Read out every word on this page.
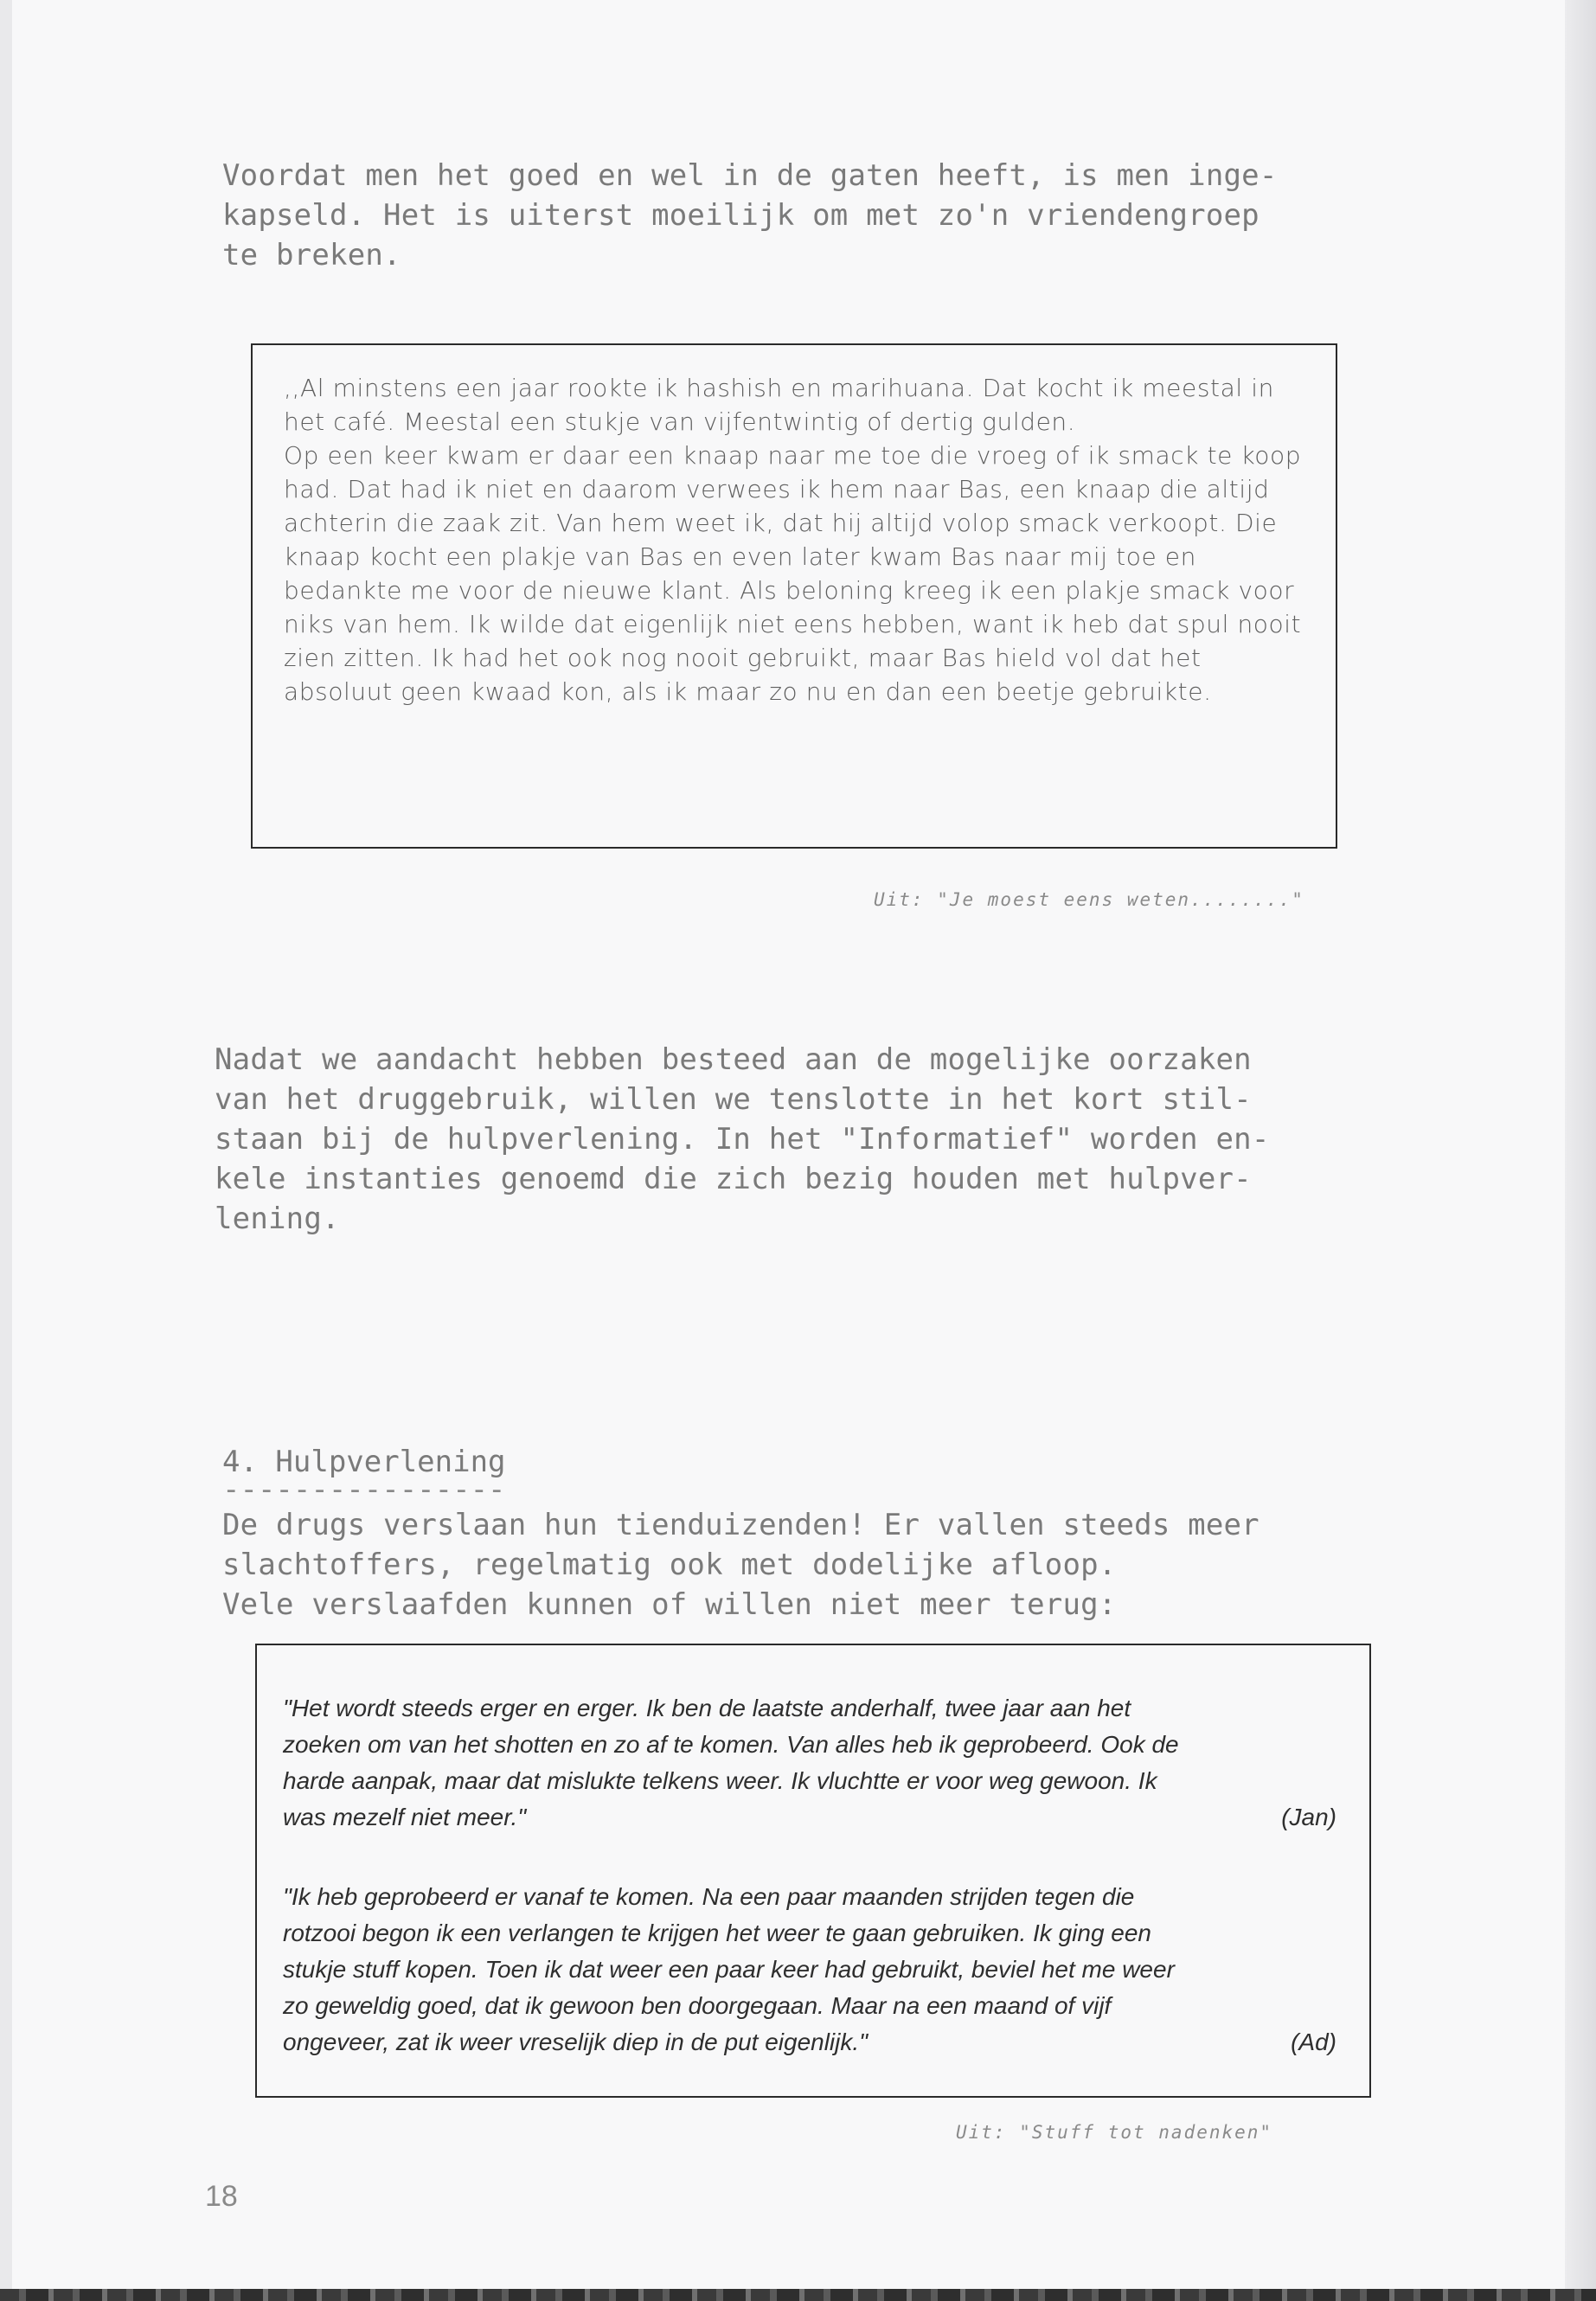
Voordat men het goed en wel in de gaten heeft, is men inge-

kapseld. Het is uiterst moeilijk om met zo'n vriendengroep

te breken.

,,Al minstens een jaar rookte ik hashish en marihuana. Dat kocht ik meestal in het café. Meestal een stukje van vijfentwintig of dertig gulden.

Op een keer kwam er daar een knaap naar me toe die vroeg of ik smack te koop had. Dat had ik niet en daarom verwees ik hem naar Bas, een knaap die altijd achterin die zaak zit. Van hem weet ik, dat hij altijd volop smack verkoopt. Die knaap kocht een plakje van Bas en even later kwam Bas naar mij toe en bedankte me voor de nieuwe klant. Als beloning kreeg ik een plakje smack voor niks van hem. Ik wilde dat eigenlijk niet eens hebben, want ik heb dat spul nooit zien zitten. Ik had het ook nog nooit gebruikt, maar Bas hield vol dat het absoluut geen kwaad kon, als ik maar zo nu en dan een beetje gebruikte.

Uit: "Je moest eens weten........"

Nadat we aandacht hebben besteed aan de mogelijke oorzaken

van het druggebruik, willen we tenslotte in het kort stil-

staan bij de hulpverlening. In het "Informatief" worden en-

kele instanties genoemd die zich bezig houden met hulpver-

lening.

4. Hulpverlening
----------------

De drugs verslaan hun tienduizenden! Er vallen steeds meer

slachtoffers, regelmatig ook met dodelijke afloop.

Vele verslaafden kunnen of willen niet meer terug:

"Het wordt steeds erger en erger. Ik ben de laatste anderhalf, twee jaar aan het

zoeken om van het shotten en zo af te komen. Van alles heb ik geprobeerd. Ook de

harde aanpak, maar dat mislukte telkens weer. Ik vluchtte er voor weg gewoon. Ik

was mezelf niet meer."	(Jan)

"Ik heb geprobeerd er vanaf te komen. Na een paar maanden strijden tegen die

rotzooi begon ik een verlangen te krijgen het weer te gaan gebruiken. Ik ging een

stukje stuff kopen. Toen ik dat weer een paar keer had gebruikt, beviel het me weer

zo geweldig goed, dat ik gewoon ben doorgegaan. Maar na een maand of vijf

ongeveer, zat ik weer vreselijk diep in de put eigenlijk."	(Ad)

Uit: "Stuff tot nadenken"
18
